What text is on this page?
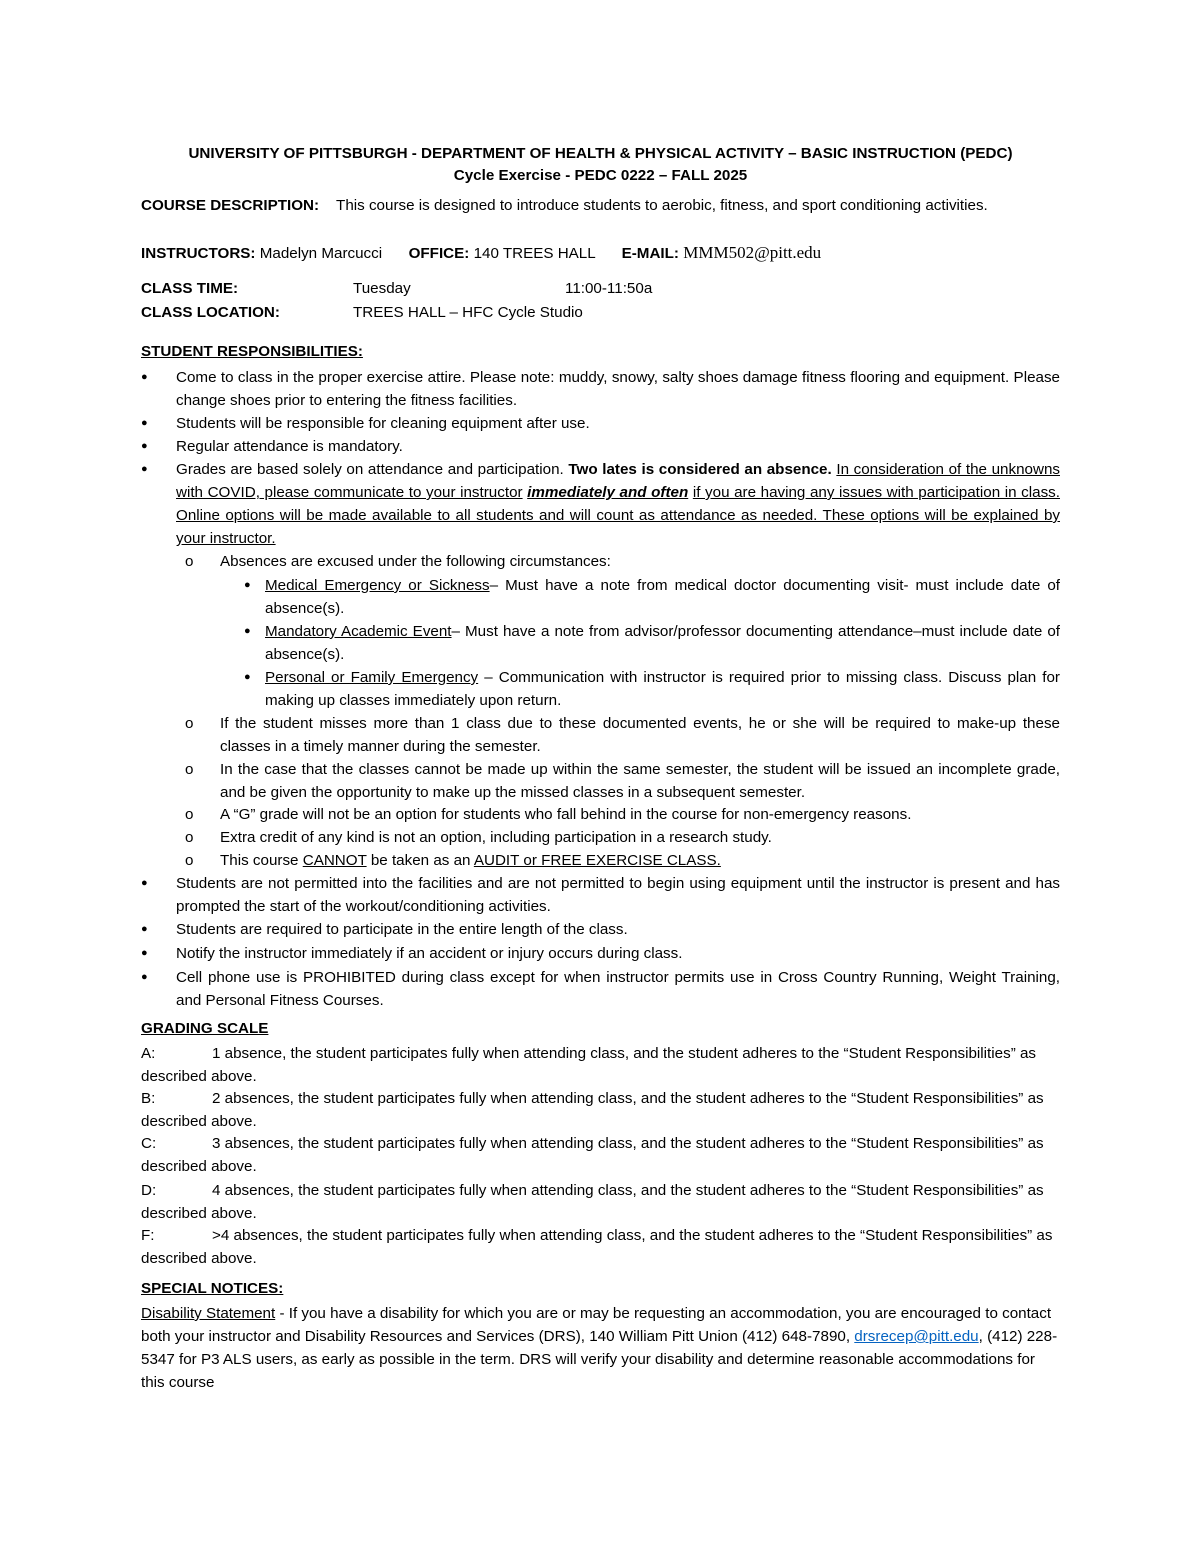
UNIVERSITY OF PITTSBURGH - DEPARTMENT OF HEALTH & PHYSICAL ACTIVITY – BASIC INSTRUCTION (PEDC)
Cycle Exercise - PEDC 0222 – FALL 2025
COURSE DESCRIPTION: This course is designed to introduce students to aerobic, fitness, and sport conditioning activities.
INSTRUCTORS: Madelyn Marcucci OFFICE: 140 TREES HALL E-MAIL: MMM502@pitt.edu
CLASS TIME:	Tuesday	11:00-11:50a
CLASS LOCATION:	TREES HALL – HFC Cycle Studio
STUDENT RESPONSIBILITIES:
● Come to class in the proper exercise attire. Please note: muddy, snowy, salty shoes damage fitness flooring and equipment. Please change shoes prior to entering the fitness facilities.
● Students will be responsible for cleaning equipment after use.
● Regular attendance is mandatory.
● Grades are based solely on attendance and participation. Two lates is considered an absence. In consideration of the unknowns with COVID, please communicate to your instructor immediately and often if you are having any issues with participation in class. Online options will be made available to all students and will count as attendance as needed. These options will be explained by your instructor.
o Absences are excused under the following circumstances:
● Medical Emergency or Sickness– Must have a note from medical doctor documenting visit- must include date of absence(s).
● Mandatory Academic Event– Must have a note from advisor/professor documenting attendance–must include date of absence(s).
● Personal or Family Emergency – Communication with instructor is required prior to missing class. Discuss plan for making up classes immediately upon return.
o If the student misses more than 1 class due to these documented events, he or she will be required to make-up these classes in a timely manner during the semester.
o In the case that the classes cannot be made up within the same semester, the student will be issued an incomplete grade, and be given the opportunity to make up the missed classes in a subsequent semester.
o A “G” grade will not be an option for students who fall behind in the course for non-emergency reasons.
o Extra credit of any kind is not an option, including participation in a research study.
o This course CANNOT be taken as an AUDIT or FREE EXERCISE CLASS.
● Students are not permitted into the facilities and are not permitted to begin using equipment until the instructor is present and has prompted the start of the workout/conditioning activities.
● Students are required to participate in the entire length of the class.
● Notify the instructor immediately if an accident or injury occurs during class.
● Cell phone use is PROHIBITED during class except for when instructor permits use in Cross Country Running, Weight Training, and Personal Fitness Courses.
GRADING SCALE
A:	1 absence, the student participates fully when attending class, and the student adheres to the “Student Responsibilities” as described above.
B:	2 absences, the student participates fully when attending class, and the student adheres to the “Student Responsibilities” as described above.
C:	3 absences, the student participates fully when attending class, and the student adheres to the “Student Responsibilities” as described above.
D:	4 absences, the student participates fully when attending class, and the student adheres to the “Student Responsibilities” as described above.
F:	>4 absences, the student participates fully when attending class, and the student adheres to the “Student Responsibilities” as described above.
SPECIAL NOTICES:
Disability Statement - If you have a disability for which you are or may be requesting an accommodation, you are encouraged to contact both your instructor and Disability Resources and Services (DRS), 140 William Pitt Union (412) 648-7890, drsrecep@pitt.edu, (412) 228-5347 for P3 ALS users, as early as possible in the term. DRS will verify your disability and determine reasonable accommodations for this course
